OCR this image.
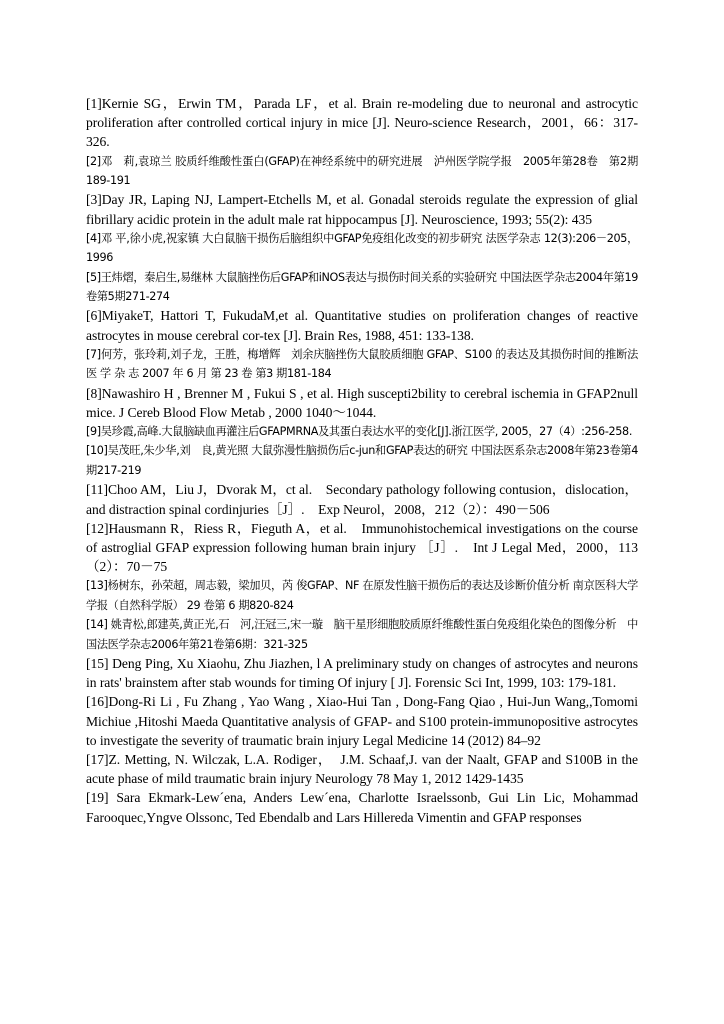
[1]Kernie SG，Erwin TM，Parada LF，et al. Brain re-modeling due to neuronal and astrocytic proliferation after controlled cortical injury in mice [J]. Neuro-science Research，2001，66：317- 326.

[2]邓　莉,袁琼兰 胶质纤维酸性蛋白(GFAP)在神经系统中的研究进展　泸州医学院学报　2005年第28卷　第2期 189-191

[3]Day JR, Laping NJ, Lampert-Etchells M, et al. Gonadal steroids regulate the expression of glial fibrillary acidic protein in the adult male rat hippocampus [J]. Neuroscience, 1993; 55(2): 435

[4]邓 平,徐小虎,祝家镇 大白鼠脑干损伤后脑组织中GFAP免疫组化改变的初步研究 法医学杂志 12(3):206－205，1996

[5]王炜熠，秦启生,易继林 大鼠脑挫伤后GFAP和iNOS表达与损伤时间关系的实验研究 中国法医学杂志2004年第19卷第5期271-274

[6]MiyakeT, Hattori T, FukudaM,et al. Quantitative studies on proliferation changes of reactive astrocytes in mouse cerebral cor-tex [J]. Brain Res, 1988, 451: 133-138.

[7]何芳，张玲莉,刘子龙，王胜，梅增辉　刘余庆脑挫伤大鼠胶质细胞 GFAP、S100 的表达及其损伤时间的推断法 医 学 杂 志 2007 年 6 月 第 23 卷 第3 期181-184

[8]Nawashiro H , Brenner M , Fukui S , et al. High suscepti2bility to cerebral ischemia in GFAP2null mice. J Cereb Blood Flow Metab , 2000 1040～1044.

[9]吴珍霞,高峰.大鼠脑缺血再灌注后GFAPMRNA及其蛋白表达水平的变化[J].浙江医学, 2005，27（4）:256-258.

[10]吴茂旺,朱少华,刘　良,黄光照 大鼠弥漫性脑损伤后c-jun和GFAP表达的研究 中国法医系杂志2008年第23卷第4期217-219

[11]Choo AM，Liu J，Dvorak M，ct al.　Secondary pathology following contusion，dislocation，and distraction spinal cordinjuries［J］.　Exp Neurol，2008，212（2）：490－506

[12]Hausmann R，Riess R，Fieguth A，et al.　Immunohistochemical investigations on the course of astroglial GFAP expression following human brain injury ［J］.　Int J Legal Med，2000，113（2）：70－75

[13]杨树东，孙荣超，周志毅，梁加贝，芮 俊GFAP、NF 在原发性脑干损伤后的表达及诊断价值分析 南京医科大学学报（自然科学版） 29 卷第 6 期820-824

[14] 姚青松,郎建英,黄正光,石　河,汪冠三,宋一璇　脑干星形细胞胶质原纤维酸性蛋白免疫组化染色的图像分析　中国法医学杂志2006年第21卷第6期：321-325

[15] Deng Ping, Xu Xiaohu, Zhu Jiazhen, l A preliminary study on changes of astrocytes and neurons in rats' brainstem after stab wounds for timing Of injury [ J]. Forensic Sci Int, 1999, 103: 179-181.

[16]Dong-Ri Li , Fu Zhang , Yao Wang , Xiao-Hui Tan , Dong-Fang Qiao , Hui-Jun Wang,,Tomomi Michiue ,Hitoshi Maeda Quantitative analysis of GFAP- and S100 protein-immunopositive astrocytes to investigate the severity of traumatic brain injury Legal Medicine 14 (2012) 84–92

[17]Z. Metting, N. Wilczak, L.A. Rodiger，　J.M. Schaaf,J. van der Naalt, GFAP and S100B in the acute phase of mild traumatic brain injury Neurology 78 May 1, 2012 1429-1435

[19] Sara Ekmark-Lew´ena, Anders Lew´ena, Charlotte Israelssonb, Gui Lin Lic, Mohammad Farooquec,Yngve Olssonc, Ted Ebendalb and Lars Hillereda Vimentin and GFAP responses
